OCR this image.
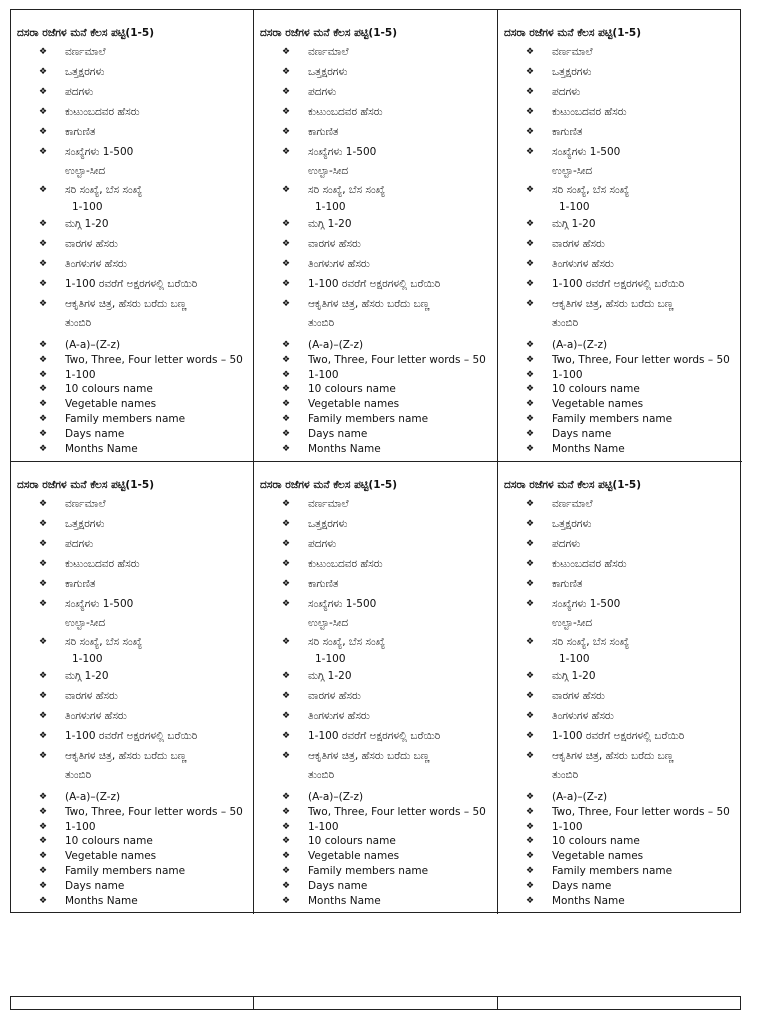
ದಸರಾ ರಜೆಗಳ ಮನೆ ಕೆಲಸ ಪಟ್ಟಿ(1-5)
❖	ವರ್ಣಮಾಲೆ
❖	ಒತ್ತಕ್ಷರಗಳು
❖	ಪದಗಳು
❖	ಕುಟುಂಬದವರ ಹೆಸರು
❖	ಕಾಗುಣಿತ
❖	ಸಂಖ್ಯೆಗಳು 1-500
ಉಲ್ಟಾ-ಸೀದ
❖	ಸರಿ ಸಂಖ್ಯೆ, ಬೆಸ ಸಂಖ್ಯೆ
1-100
❖	ಮಗ್ಗಿ 1-20
❖	ವಾರಗಳ ಹೆಸರು
❖	ತಿಂಗಳುಗಳ ಹೆಸರು
❖	1-100 ರವರೆಗೆ ಅಕ್ಷರಗಳಲ್ಲಿ ಬರೆಯಿರಿ
❖	ಆಕೃತಿಗಳ ಚಿತ್ರ, ಹೆಸರು ಬರೆದು ಬಣ್ಣ
ತುಂಬಿರಿ
❖	(A-a)–(Z-z)
❖	Two, Three, Four letter words – 50
❖	1-100
❖	10 colours name
❖	Vegetable names
❖	Family members name
❖	Days name
❖	Months Name
ದಸರಾ ರಜೆಗಳ ಮನೆ ಕೆಲಸ ಪಟ್ಟಿ(1-5)
❖	ವರ್ಣಮಾಲೆ
❖	ಒತ್ತಕ್ಷರಗಳು
❖	ಪದಗಳು
❖	ಕುಟುಂಬದವರ ಹೆಸರು
❖	ಕಾಗುಣಿತ
❖	ಸಂಖ್ಯೆಗಳು 1-500
ಉಲ್ಟಾ-ಸೀದ
❖	ಸರಿ ಸಂಖ್ಯೆ, ಬೆಸ ಸಂಖ್ಯೆ
1-100
❖	ಮಗ್ಗಿ 1-20
❖	ವಾರಗಳ ಹೆಸರು
❖	ತಿಂಗಳುಗಳ ಹೆಸರು
❖	1-100 ರವರೆಗೆ ಅಕ್ಷರಗಳಲ್ಲಿ ಬರೆಯಿರಿ
❖	ಆಕೃತಿಗಳ ಚಿತ್ರ, ಹೆಸರು ಬರೆದು ಬಣ್ಣ
ತುಂಬಿರಿ
❖	(A-a)–(Z-z)
❖	Two, Three, Four letter words – 50
❖	1-100
❖	10 colours name
❖	Vegetable names
❖	Family members name
❖	Days name
❖	Months Name
ದಸರಾ ರಜೆಗಳ ಮನೆ ಕೆಲಸ ಪಟ್ಟಿ(1-5)
❖	ವರ್ಣಮಾಲೆ
❖	ಒತ್ತಕ್ಷರಗಳು
❖	ಪದಗಳು
❖	ಕುಟುಂಬದವರ ಹೆಸರು
❖	ಕಾಗುಣಿತ
❖	ಸಂಖ್ಯೆಗಳು 1-500
ಉಲ್ಟಾ-ಸೀದ
❖	ಸರಿ ಸಂಖ್ಯೆ, ಬೆಸ ಸಂಖ್ಯೆ
1-100
❖	ಮಗ್ಗಿ 1-20
❖	ವಾರಗಳ ಹೆಸರು
❖	ತಿಂಗಳುಗಳ ಹೆಸರು
❖	1-100 ರವರೆಗೆ ಅಕ್ಷರಗಳಲ್ಲಿ ಬರೆಯಿರಿ
❖	ಆಕೃತಿಗಳ ಚಿತ್ರ, ಹೆಸರು ಬರೆದು ಬಣ್ಣ
ತುಂಬಿರಿ
❖	(A-a)–(Z-z)
❖	Two, Three, Four letter words – 50
❖	1-100
❖	10 colours name
❖	Vegetable names
❖	Family members name
❖	Days name
❖	Months Name
ದಸರಾ ರಜೆಗಳ ಮನೆ ಕೆಲಸ ಪಟ್ಟಿ(1-5)
❖	ವರ್ಣಮಾಲೆ
❖	ಒತ್ತಕ್ಷರಗಳು
❖	ಪದಗಳು
❖	ಕುಟುಂಬದವರ ಹೆಸರು
❖	ಕಾಗುಣಿತ
❖	ಸಂಖ್ಯೆಗಳು 1-500
ಉಲ್ಟಾ-ಸೀದ
❖	ಸರಿ ಸಂಖ್ಯೆ, ಬೆಸ ಸಂಖ್ಯೆ
1-100
❖	ಮಗ್ಗಿ 1-20
❖	ವಾರಗಳ ಹೆಸರು
❖	ತಿಂಗಳುಗಳ ಹೆಸರು
❖	1-100 ರವರೆಗೆ ಅಕ್ಷರಗಳಲ್ಲಿ ಬರೆಯಿರಿ
❖	ಆಕೃತಿಗಳ ಚಿತ್ರ, ಹೆಸರು ಬರೆದು ಬಣ್ಣ
ತುಂಬಿರಿ
❖	(A-a)–(Z-z)
❖	Two, Three, Four letter words – 50
❖	1-100
❖	10 colours name
❖	Vegetable names
❖	Family members name
❖	Days name
❖	Months Name
ದಸರಾ ರಜೆಗಳ ಮನೆ ಕೆಲಸ ಪಟ್ಟಿ(1-5)
❖	ವರ್ಣಮಾಲೆ
❖	ಒತ್ತಕ್ಷರಗಳು
❖	ಪದಗಳು
❖	ಕುಟುಂಬದವರ ಹೆಸರು
❖	ಕಾಗುಣಿತ
❖	ಸಂಖ್ಯೆಗಳು 1-500
ಉಲ್ಟಾ-ಸೀದ
❖	ಸರಿ ಸಂಖ್ಯೆ, ಬೆಸ ಸಂಖ್ಯೆ
1-100
❖	ಮಗ್ಗಿ 1-20
❖	ವಾರಗಳ ಹೆಸರು
❖	ತಿಂಗಳುಗಳ ಹೆಸರು
❖	1-100 ರವರೆಗೆ ಅಕ್ಷರಗಳಲ್ಲಿ ಬರೆಯಿರಿ
❖	ಆಕೃತಿಗಳ ಚಿತ್ರ, ಹೆಸರು ಬರೆದು ಬಣ್ಣ
ತುಂಬಿರಿ
❖	(A-a)–(Z-z)
❖	Two, Three, Four letter words – 50
❖	1-100
❖	10 colours name
❖	Vegetable names
❖	Family members name
❖	Days name
❖	Months Name
ದಸರಾ ರಜೆಗಳ ಮನೆ ಕೆಲಸ ಪಟ್ಟಿ(1-5)
❖	ವರ್ಣಮಾಲೆ
❖	ಒತ್ತಕ್ಷರಗಳು
❖	ಪದಗಳು
❖	ಕುಟುಂಬದವರ ಹೆಸರು
❖	ಕಾಗುಣಿತ
❖	ಸಂಖ್ಯೆಗಳು 1-500
ಉಲ್ಟಾ-ಸೀದ
❖	ಸರಿ ಸಂಖ್ಯೆ, ಬೆಸ ಸಂಖ್ಯೆ
1-100
❖	ಮಗ್ಗಿ 1-20
❖	ವಾರಗಳ ಹೆಸರು
❖	ತಿಂಗಳುಗಳ ಹೆಸರು
❖	1-100 ರವರೆಗೆ ಅಕ್ಷರಗಳಲ್ಲಿ ಬರೆಯಿರಿ
❖	ಆಕೃತಿಗಳ ಚಿತ್ರ, ಹೆಸರು ಬರೆದು ಬಣ್ಣ
ತುಂಬಿರಿ
❖	(A-a)–(Z-z)
❖	Two, Three, Four letter words – 50
❖	1-100
❖	10 colours name
❖	Vegetable names
❖	Family members name
❖	Days name
❖	Months Name
